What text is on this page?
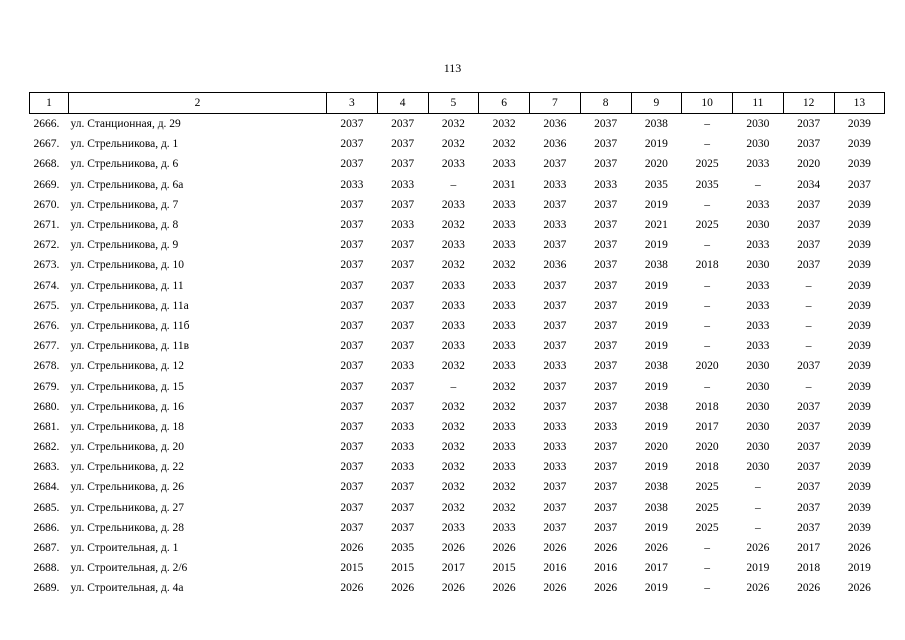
113
1	2	3	4	5	6	7	8	9	10	11	12	13
2666.	ул. Станционная, д. 29	2037	2037	2032	2032	2036	2037	2038	–	2030	2037	2039
2667.	ул. Стрельникова, д. 1	2037	2037	2032	2032	2036	2037	2019	–	2030	2037	2039
2668.	ул. Стрельникова, д. 6	2037	2037	2033	2033	2037	2037	2020	2025	2033	2020	2039
2669.	ул. Стрельникова, д. 6а	2033	2033	–	2031	2033	2033	2035	2035	–	2034	2037
2670.	ул. Стрельникова, д. 7	2037	2037	2033	2033	2037	2037	2019	–	2033	2037	2039
2671.	ул. Стрельникова, д. 8	2037	2033	2032	2033	2033	2037	2021	2025	2030	2037	2039
2672.	ул. Стрельникова, д. 9	2037	2037	2033	2033	2037	2037	2019	–	2033	2037	2039
2673.	ул. Стрельникова, д. 10	2037	2037	2032	2032	2036	2037	2038	2018	2030	2037	2039
2674.	ул. Стрельникова, д. 11	2037	2037	2033	2033	2037	2037	2019	–	2033	–	2039
2675.	ул. Стрельникова, д. 11а	2037	2037	2033	2033	2037	2037	2019	–	2033	–	2039
2676.	ул. Стрельникова, д. 11б	2037	2037	2033	2033	2037	2037	2019	–	2033	–	2039
2677.	ул. Стрельникова, д. 11в	2037	2037	2033	2033	2037	2037	2019	–	2033	–	2039
2678.	ул. Стрельникова, д. 12	2037	2033	2032	2033	2033	2037	2038	2020	2030	2037	2039
2679.	ул. Стрельникова, д. 15	2037	2037	–	2032	2037	2037	2019	–	2030	–	2039
2680.	ул. Стрельникова, д. 16	2037	2037	2032	2032	2037	2037	2038	2018	2030	2037	2039
2681.	ул. Стрельникова, д. 18	2037	2033	2032	2033	2033	2033	2019	2017	2030	2037	2039
2682.	ул. Стрельникова, д. 20	2037	2033	2032	2033	2033	2037	2020	2020	2030	2037	2039
2683.	ул. Стрельникова, д. 22	2037	2033	2032	2033	2033	2037	2019	2018	2030	2037	2039
2684.	ул. Стрельникова, д. 26	2037	2037	2032	2032	2037	2037	2038	2025	–	2037	2039
2685.	ул. Стрельникова, д. 27	2037	2037	2032	2032	2037	2037	2038	2025	–	2037	2039
2686.	ул. Стрельникова, д. 28	2037	2037	2033	2033	2037	2037	2019	2025	–	2037	2039
2687.	ул. Строительная, д. 1	2026	2035	2026	2026	2026	2026	2026	–	2026	2017	2026
2688.	ул. Строительная, д. 2/6	2015	2015	2017	2015	2016	2016	2017	–	2019	2018	2019
2689.	ул. Строительная, д. 4а	2026	2026	2026	2026	2026	2026	2019	–	2026	2026	2026
